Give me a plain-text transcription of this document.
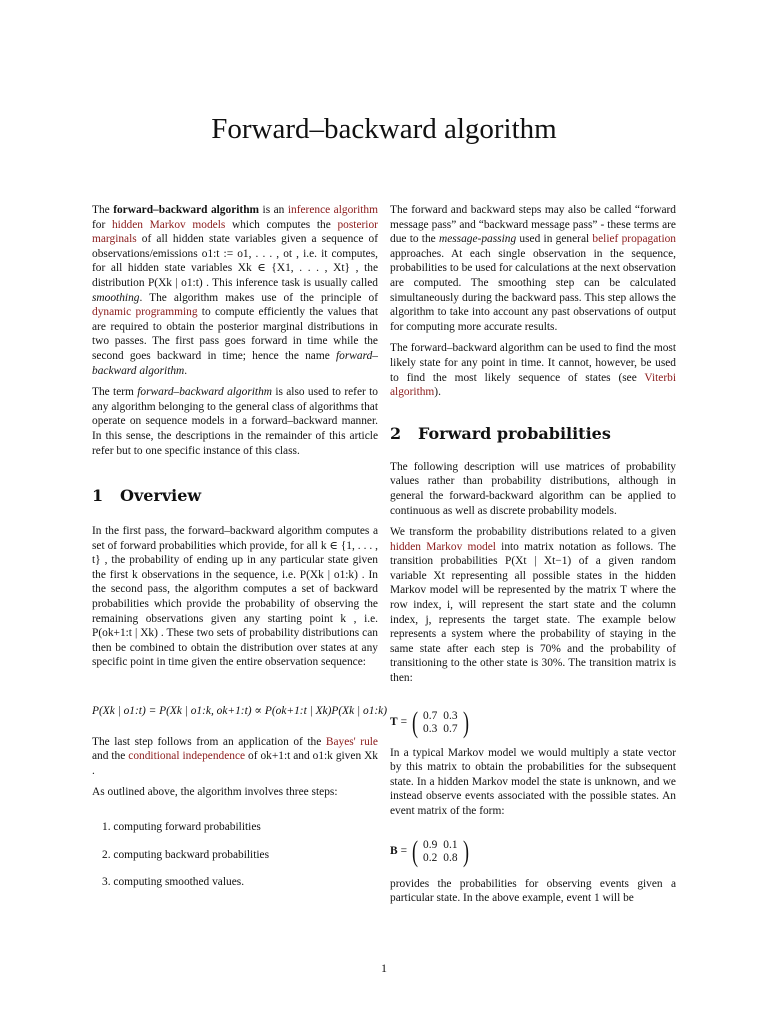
Forward–backward algorithm

The forward–backward algorithm is an inference algorithm for hidden Markov models which computes the posterior marginals of all hidden state variables given a sequence of observations/emissions o1:t := o1, . . . , ot , i.e. it computes, for all hidden state variables Xk ∈ {X1, . . . , Xt} , the distribution P(Xk | o1:t) . This inference task is usually called smoothing. The algorithm makes use of the principle of dynamic programming to compute efficiently the values that are required to obtain the posterior marginal distributions in two passes. The first pass goes forward in time while the second goes backward in time; hence the name forward–backward algorithm.

The term forward–backward algorithm is also used to refer to any algorithm belonging to the general class of algorithms that operate on sequence models in a forward–backward manner. In this sense, the descriptions in the remainder of this article refer but to one specific instance of this class.

1 Overview

In the first pass, the forward–backward algorithm computes a set of forward probabilities which provide, for all k ∈ {1, . . . , t} , the probability of ending up in any particular state given the first k observations in the sequence, i.e. P(Xk | o1:k) . In the second pass, the algorithm computes a set of backward probabilities which provide the probability of observing the remaining observations given any starting point k , i.e. P(ok+1:t | Xk) . These two sets of probability distributions can then be combined to obtain the distribution over states at any specific point in time given the entire observation sequence:

P(Xk | o1:t) = P(Xk | o1:k, ok+1:t) ∝ P(ok+1:t | Xk)P(Xk | o1:k)

The last step follows from an application of the Bayes' rule and the conditional independence of ok+1:t and o1:k given Xk .

As outlined above, the algorithm involves three steps:

1. computing forward probabilities
2. computing backward probabilities
3. computing smoothed values.

The forward and backward steps may also be called “forward message pass” and “backward message pass” - these terms are due to the message-passing used in general belief propagation approaches. At each single observation in the sequence, probabilities to be used for calculations at the next observation are computed. The smoothing step can be calculated simultaneously during the backward pass. This step allows the algorithm to take into account any past observations of output for computing more accurate results.

The forward–backward algorithm can be used to find the most likely state for any point in time. It cannot, however, be used to find the most likely sequence of states (see Viterbi algorithm).

2 Forward probabilities

The following description will use matrices of probability values rather than probability distributions, although in general the forward-backward algorithm can be applied to continuous as well as discrete probability models.

We transform the probability distributions related to a given hidden Markov model into matrix notation as follows. The transition probabilities P(Xt | Xt−1) of a given random variable Xt representing all possible states in the hidden Markov model will be represented by the matrix T where the row index, i, will represent the start state and the column index, j, represents the target state. The example below represents a system where the probability of staying in the same state after each step is 70% and the probability of transitioning to the other state is 30%. The transition matrix is then:

T = ( 0.7	0.3
0.3	0.7 )

In a typical Markov model we would multiply a state vector by this matrix to obtain the probabilities for the subsequent state. In a hidden Markov model the state is unknown, and we instead observe events associated with the possible states. An event matrix of the form:

B = ( 0.9	0.1
0.2	0.8 )

provides the probabilities for observing events given a particular state. In the above example, event 1 will be

1
